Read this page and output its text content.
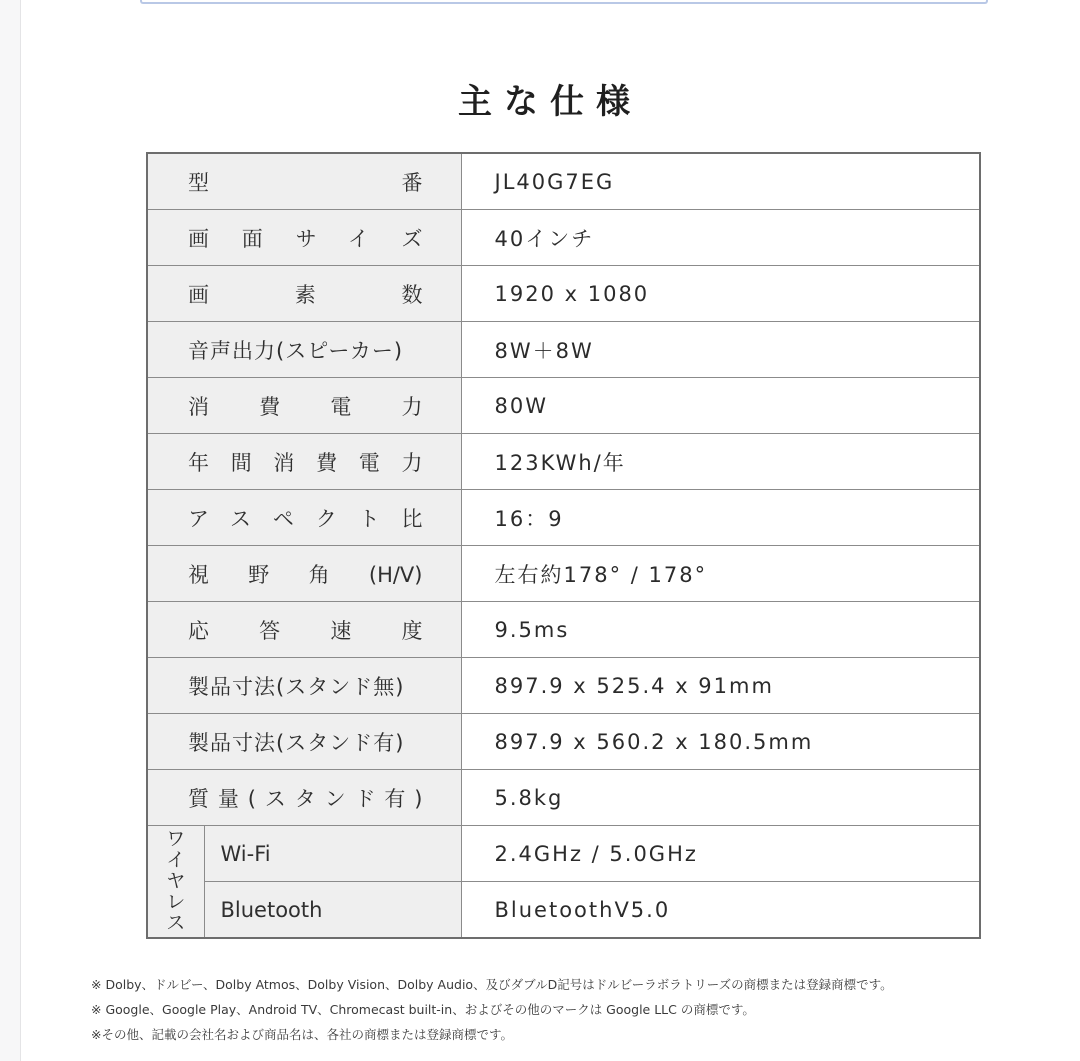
主な仕様
型番		JL40G7EG
画面サイズ		40インチ
画素数		1920 x 1080
音声出力(スピーカー)		8W＋8W
消費電力		80W
年間消費電力		123KWh/年
アスペクト比		16：9
視野角(H/V)		左右約178° / 178°
応答速度		9.5ms
製品寸法(スタンド無)		897.9 x 525.4 x 91mm
製品寸法(スタンド有)		897.9 x 560.2 x 180.5mm
質量(スタンド有)		5.8kg
ワイヤレス	Wi-Fi	2.4GHz / 5.0GHz
	Bluetooth	BluetoothV5.0
※ Dolby、ドルビー、Dolby Atmos、Dolby Vision、Dolby Audio、及びダブルD記号はドルビーラボラトリーズの商標または登録商標です。
※ Google、Google Play、Android TV、Chromecast built-in、およびその他のマークは Google LLC の商標です。
※その他、記載の会社名および商品名は、各社の商標または登録商標です。
